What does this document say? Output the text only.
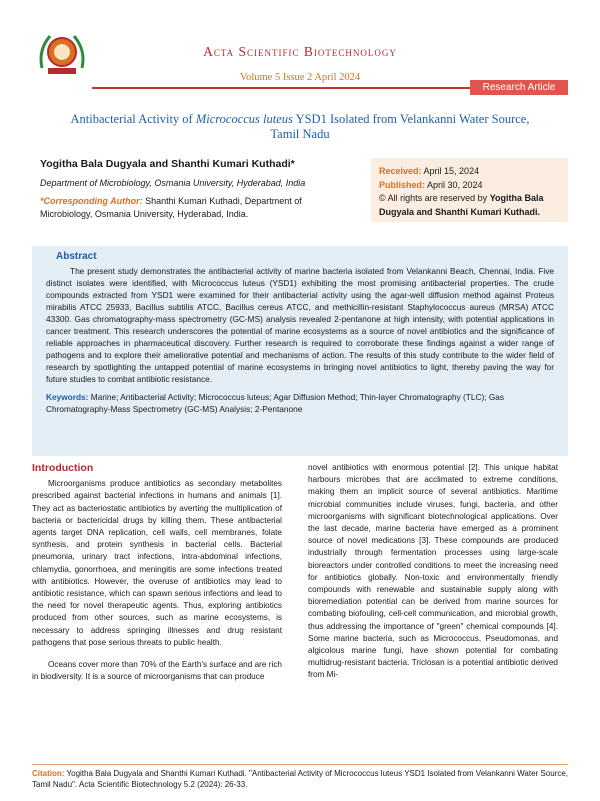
Acta Scientific Biotechnology
Volume 5 Issue 2 April 2024
Research Article
Antibacterial Activity of Micrococcus luteus YSD1 Isolated from Velankanni Water Source, Tamil Nadu
Yogitha Bala Dugyala and Shanthi Kumari Kuthadi*
Department of Microbiology, Osmania University, Hyderabad, India
*Corresponding Author: Shanthi Kumari Kuthadi, Department of Microbiology, Osmania University, Hyderabad, India.
Received: April 15, 2024
Published: April 30, 2024
© All rights are reserved by Yogitha Bala Dugyala and Shanthi Kumari Kuthadi.
Abstract
The present study demonstrates the antibacterial activity of marine bacteria isolated from Velankanni Beach, Chennai, India. Five distinct isolates were identified, with Micrococcus luteus (YSD1) exhibiting the most promising antibacterial properties. The crude compounds extracted from YSD1 were examined for their antibacterial activity using the agar-well diffusion method against Proteus mirabilis ATCC 25933, Bacillus subtilis ATCC, Bacillus cereus ATCC, and methicillin-resistant Staphylococcus aureus (MRSA) ATCC 43300. Gas chromatography-mass spectrometry (GC-MS) analysis revealed 2-pentanone at high intensity, with potential applications in cancer treatment. This research underscores the potential of marine ecosystems as a source of novel antibiotics and the significance of reliable approaches in pharmaceutical discovery. Further research is required to corroborate these findings against a wider range of pathogens and to explore their ameliorative potential and mechanisms of action. The results of this study contribute to the wider field of research by spotlighting the untapped potential of marine ecosystems in bringing novel antibiotics to light, thereby paving the way for future studies to combat antibiotic resistance.
Keywords: Marine; Antibacterial Activity; Micrococcus luteus; Agar Diffusion Method; Thin-layer Chromatography (TLC); Gas Chromatography-Mass Spectrometry (GC-MS) Analysis; 2-Pentanone
Introduction

Microorganisms produce antibiotics as secondary metabolites prescribed against bacterial infections in humans and animals [1]. They act as bacteriostatic antibiotics by averting the multiplication of bacteria or bactericidal drugs by killing them. These antibacterial agents target DNA replication, cell walls, cell membranes, folate synthesis, and protein synthesis in bacterial cells. Bacterial pneumonia, urinary tract infections, intra-abdominal infections, chlamydia, gonorrhoea, and meningitis are some infections treated with antibiotics. However, the overuse of antibiotics may lead to antibiotic resistance, which can spawn serious infections and lead to the need for novel therapeutic agents. Thus, exploring antibiotics produced from other sources, such as marine ecosystems, is necessary to address springing illnesses and drug resistant pathogens that pose serious threats to public health.

Oceans cover more than 70% of the Earth's surface and are rich in biodiversity. It is a source of microorganisms that can produce

novel antibiotics with enormous potential [2]. This unique habitat harbours microbes that are acclimated to extreme conditions, making them an implicit source of several antibiotics. Maritime microbial communities include viruses, fungi, bacteria, and other microorganisms with significant biotechnological applications. Over the last decade, marine bacteria have emerged as a prominent source of novel medications [3]. These compounds are produced industrially through fermentation processes using large-scale bioreactors under controlled conditions to meet the increasing need for antibiotics globally. Non-toxic and environmentally friendly compounds with renewable and sustainable supply along with bioremediation potential can be derived from marine sources for combating biofouling, cell-cell communication, and microbial growth, thus addressing the importance of "green" chemical compounds [4]. Some marine bacteria, such as Micrococcus, Pseudomonas, and algicolous marine fungi, have shown potential for combating multidrug-resistant bacteria. Triclosan is a potential antibiotic derived from Mi-

Citation: Yogitha Bala Dugyala and Shanthi Kumari Kuthadi. "Antibacterial Activity of Micrococcus luteus YSD1 Isolated from Velankanni Water Source, Tamil Nadu". Acta Scientific Biotechnology 5.2 (2024): 26-33.
